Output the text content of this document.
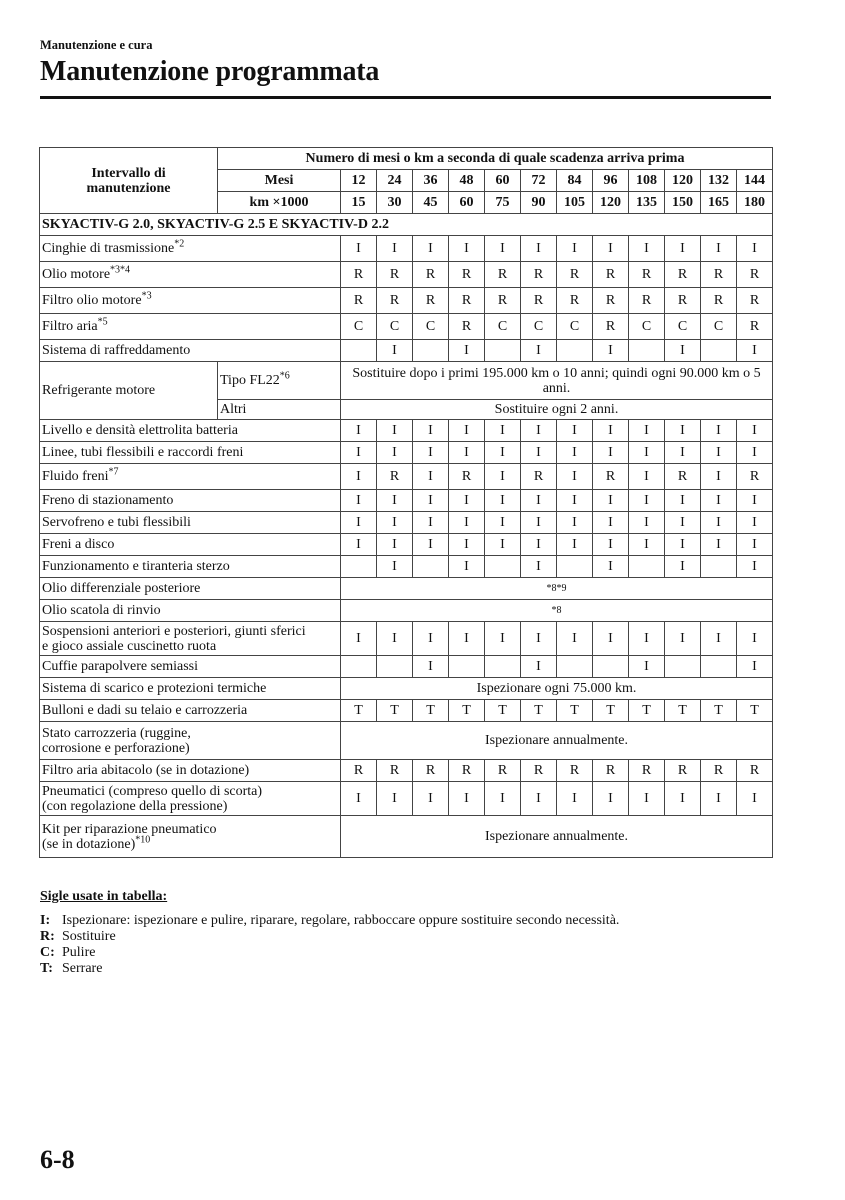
Manutenzione e cura
Manutenzione programmata
Intervallo di manutenzione	Numero di mesi o km a seconda di quale scadenza arriva prima												
	Mesi	12	24	36	48	60	72	84	96	108	120	132	144
	km ×1000	15	30	45	60	75	90	105	120	135	150	165	180
SKYACTIV-G 2.0, SKYACTIV-G 2.5 E SKYACTIV-D 2.2													
Cinghie di trasmissione$^{*2}$		I	I	I	I	I	I	I	I	I	I	I	I
Olio motore$^{*3*4}$		R	R	R	R	R	R	R	R	R	R	R	R
Filtro olio motore$^{*3}$		R	R	R	R	R	R	R	R	R	R	R	R
Filtro aria$^{*5}$		C	C	C	R	C	C	C	R	C	C	C	R
Sistema di raffreddamento			I		I		I		I		I		I
Refrigerante motore	Tipo FL22$^{*6}$	Sostituire dopo i primi 195.000 km o 10 anni; quindi ogni 90.000 km o 5 anni.											
	Altri	Sostituire ogni 2 anni.											
Livello e densità elettrolita batteria		I	I	I	I	I	I	I	I	I	I	I	I
Linee, tubi flessibili e raccordi freni		I	I	I	I	I	I	I	I	I	I	I	I
Fluido freni$^{*7}$		I	R	I	R	I	R	I	R	I	R	I	R
Freno di stazionamento		I	I	I	I	I	I	I	I	I	I	I	I
Servofreno e tubi flessibili		I	I	I	I	I	I	I	I	I	I	I	I
Freni a disco		I	I	I	I	I	I	I	I	I	I	I	I
Funzionamento e tiranteria sterzo			I		I		I		I		I		I
Olio differenziale posteriore		*8*9											
Olio scatola di rinvio		*8											
Sospensioni anteriori e posteriori, giunti sferici
e gioco assiale cuscinetto ruota		I	I	I	I	I	I	I	I	I	I	I	I
Cuffie parapolvere semiassi				I			I			I			I
Sistema di scarico e protezioni termiche		Ispezionare ogni 75.000 km.											
Bulloni e dadi su telaio e carrozzeria		T	T	T	T	T	T	T	T	T	T	T	T
Stato carrozzeria (ruggine,
corrosione e perforazione)		Ispezionare annualmente.											
Filtro aria abitacolo (se in dotazione)		R	R	R	R	R	R	R	R	R	R	R	R
Pneumatici (compreso quello di scorta)
(con regolazione della pressione)		I	I	I	I	I	I	I	I	I	I	I	I
Kit per riparazione pneumatico
(se in dotazione)$^{*10}$		Ispezionare annualmente.											
Sigle usate in tabella:
I: Ispezionare: ispezionare e pulire, riparare, regolare, rabboccare oppure sostituire secondo necessità.
R: Sostituire
C: Pulire
T: Serrare
6-8
